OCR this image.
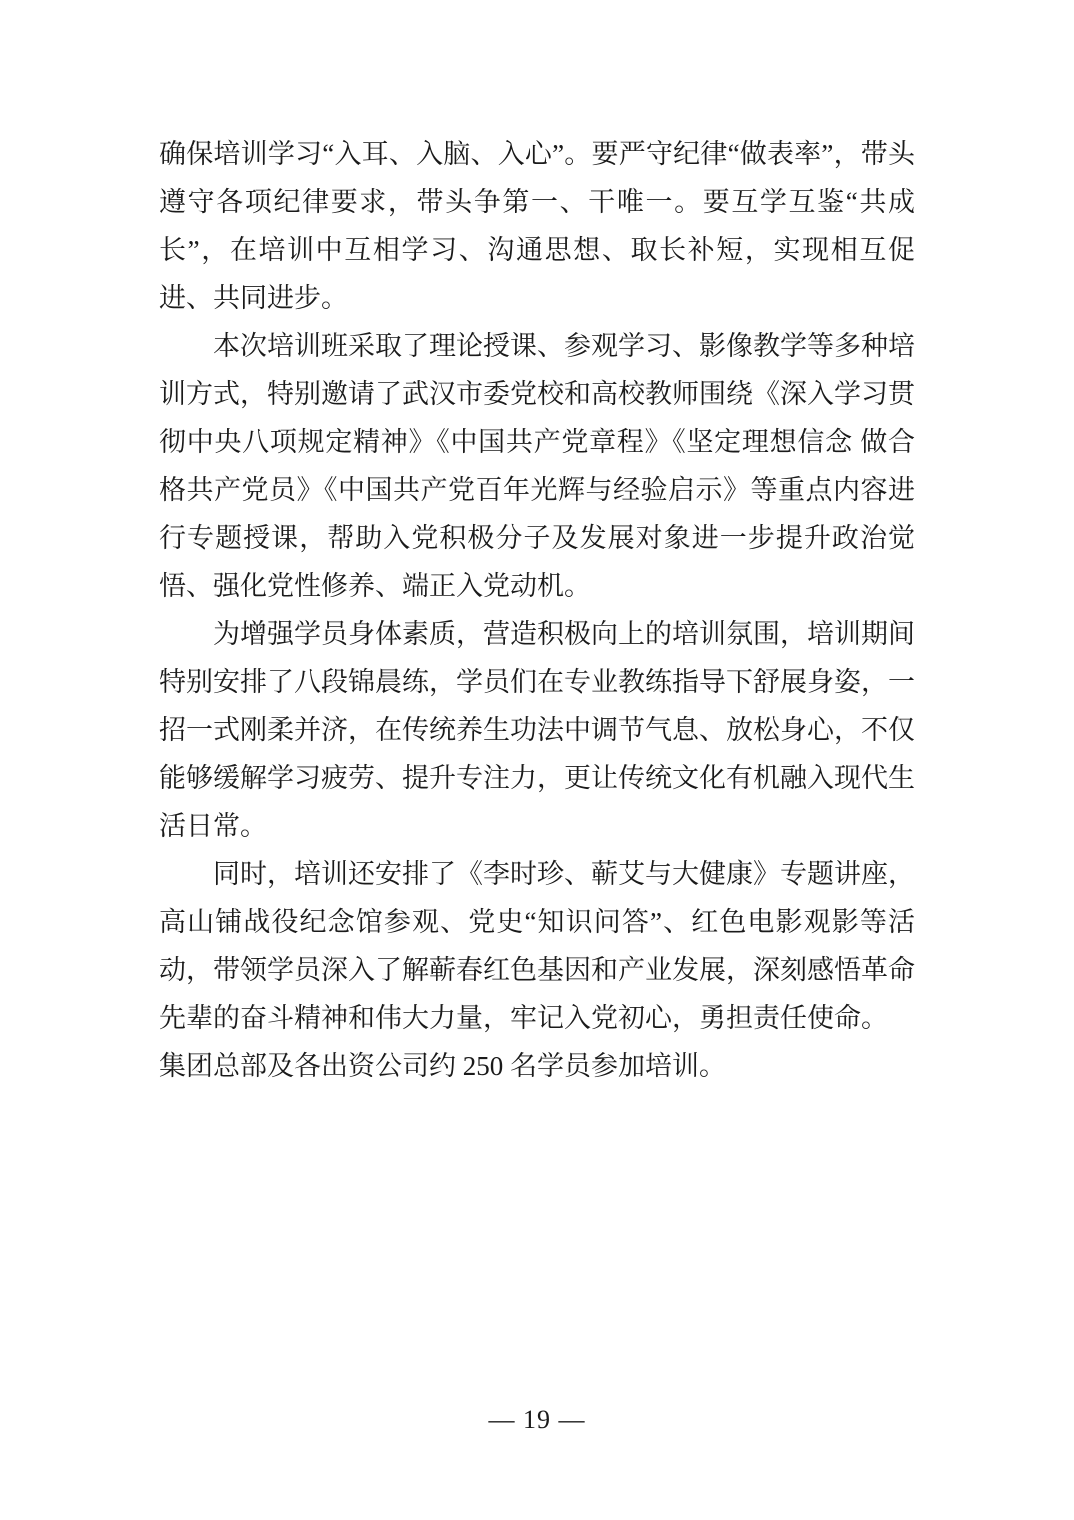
确保培训学习“入耳、入脑、入心”。要严守纪律“做表率”，带头遵守各项纪律要求，带头争第一、干唯一。要互学互鉴“共成长”，在培训中互相学习、沟通思想、取长补短，实现相互促进、共同进步。

本次培训班采取了理论授课、参观学习、影像教学等多种培训方式，特别邀请了武汉市委党校和高校教师围绕《深入学习贯彻中央八项规定精神》《中国共产党章程》《坚定理想信念 做合格共产党员》《中国共产党百年光辉与经验启示》等重点内容进行专题授课，帮助入党积极分子及发展对象进一步提升政治觉悟、强化党性修养、端正入党动机。

为增强学员身体素质，营造积极向上的培训氛围，培训期间特别安排了八段锦晨练，学员们在专业教练指导下舒展身姿，一招一式刚柔并济，在传统养生功法中调节气息、放松身心，不仅能够缓解学习疲劳、提升专注力，更让传统文化有机融入现代生活日常。

同时，培训还安排了《李时珍、蕲艾与大健康》专题讲座，高山铺战役纪念馆参观、党史“知识问答”、红色电影观影等活动，带领学员深入了解蕲春红色基因和产业发展，深刻感悟革命先辈的奋斗精神和伟大力量，牢记入党初心，勇担责任使命。

集团总部及各出资公司约 250 名学员参加培训。

— 19 —
